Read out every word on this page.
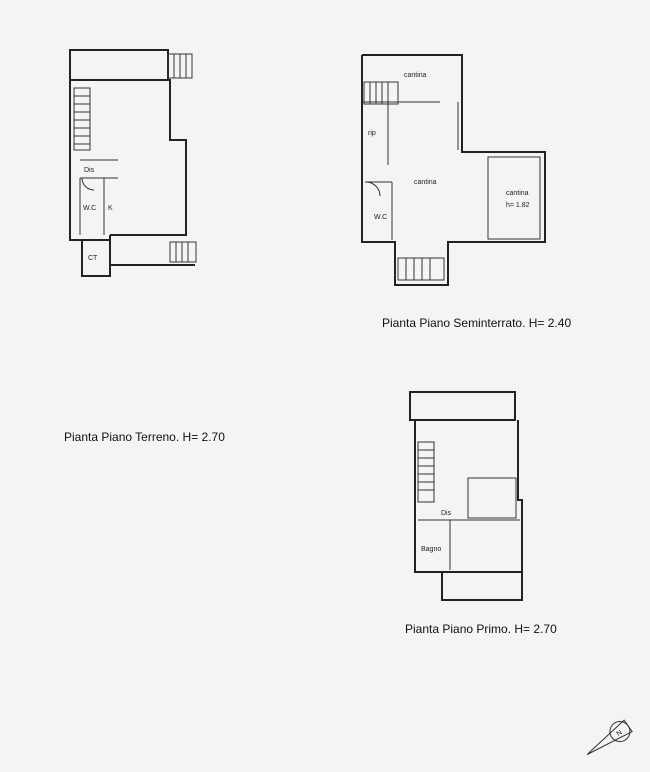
Dis
W.C K
CT
cantina
rip
cantina
W.C
cantina
h= 1.82
Dis
Bagno
N
Pianta Piano Terreno. H= 2.70
Pianta Piano Seminterrato. H= 2.40
Pianta Piano Primo. H= 2.70
